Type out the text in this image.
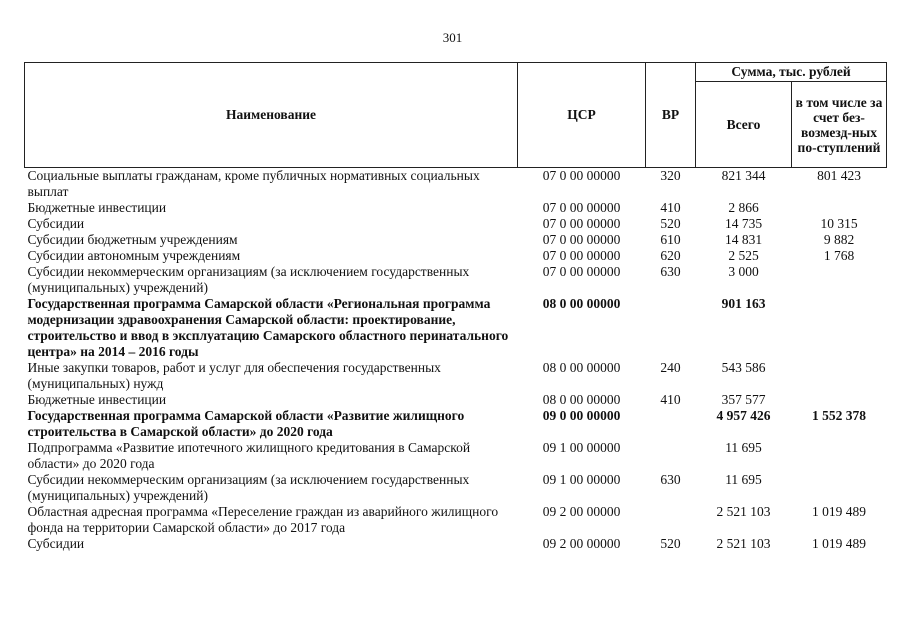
301
Наименование	ЦСР	ВР	Сумма, тыс. рублей	
			Всего	в том числе за счет без-возмезд-ных по-ступлений
Социальные выплаты гражданам, кроме публичных нормативных социальных выплат	07 0 00 00000	320	821 344	801 423
Бюджетные инвестиции	07 0 00 00000	410	2 866	
Субсидии	07 0 00 00000	520	14 735	10 315
Субсидии бюджетным учреждениям	07 0 00 00000	610	14 831	9 882
Субсидии автономным учреждениям	07 0 00 00000	620	2 525	1 768
Субсидии некоммерческим организациям (за исключением государственных (муниципальных) учреждений)	07 0 00 00000	630	3 000	
Государственная программа Самарской области «Региональная программа модернизации здравоохранения Самарской области: проектирование, строительство и ввод в эксплуатацию Самарского областного перинатального центра» на 2014 – 2016 годы	08 0 00 00000		901 163	
Иные закупки товаров, работ и услуг для обеспечения государственных (муниципальных) нужд	08 0 00 00000	240	543 586	
Бюджетные инвестиции	08 0 00 00000	410	357 577	
Государственная программа Самарской области «Развитие жилищного строительства в Самарской области» до 2020 года	09 0 00 00000		4 957 426	1 552 378
Подпрограмма «Развитие ипотечного жилищного кредитования в Самарской области» до 2020 года	09 1 00 00000		11 695	
Субсидии некоммерческим организациям (за исключением государственных (муниципальных) учреждений)	09 1 00 00000	630	11 695	
Областная адресная программа «Переселение граждан из аварийного жилищного фонда на территории Самарской области» до 2017 года	09 2 00 00000		2 521 103	1 019 489
Субсидии	09 2 00 00000	520	2 521 103	1 019 489
